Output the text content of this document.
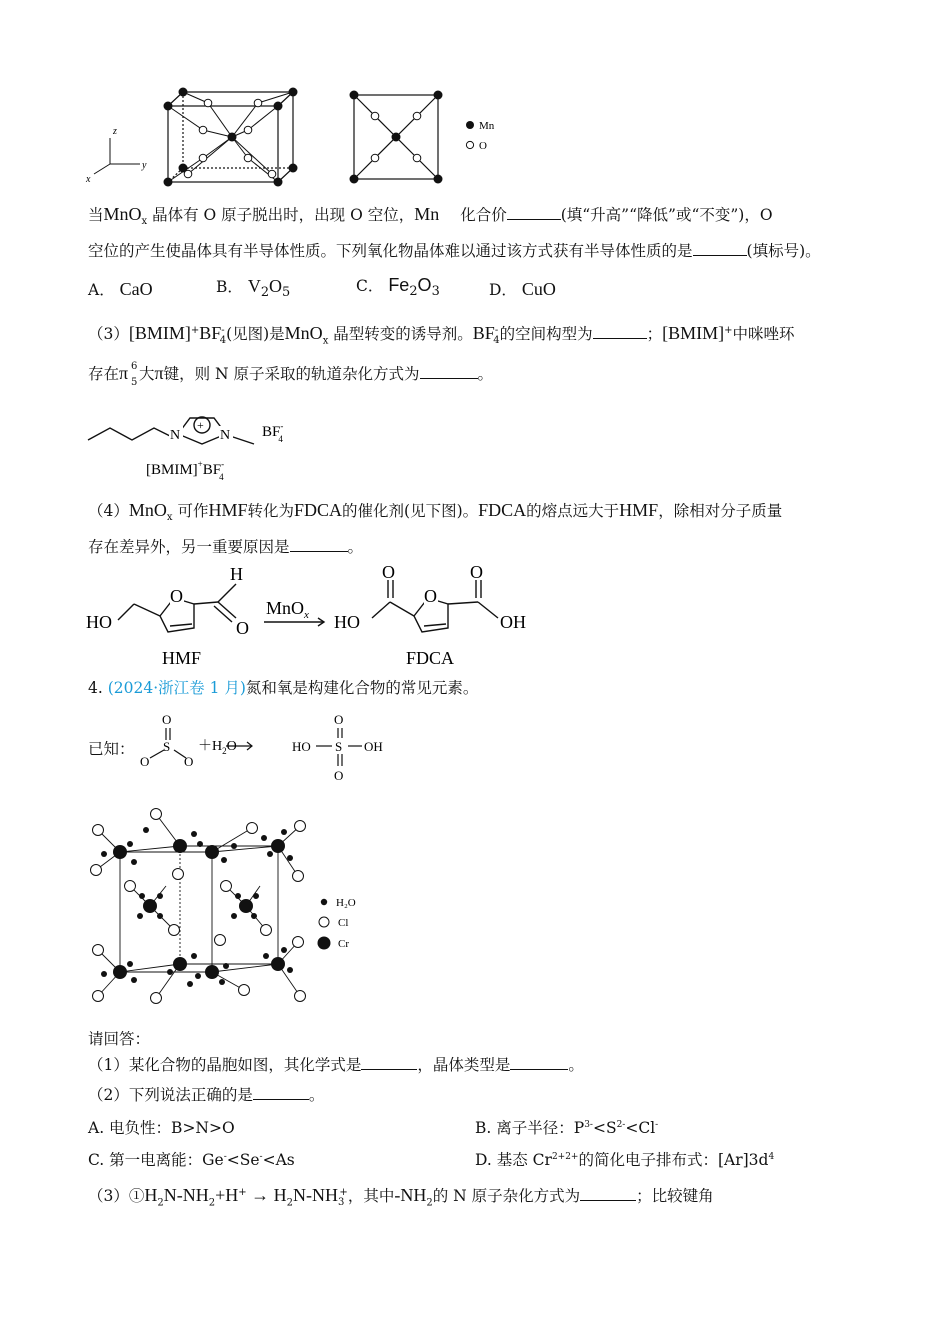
z
y
x
Mn
O
当MnO$_x$ 晶体有 O 原子脱出时，出现 O 空位，Mn 化合价	(填“升高”“降低”或“不变”)，O
空位的产生使晶体具有半导体性质。下列氧化物晶体难以通过该方式获有半导体性质的是	(填标号)。
A． CaO	B． $V_2O_5$	C． $Fe_2O_3$	D． CuO
$(3)[BMIM]^+BF^-_4$(见图)是MnO$_x$ 晶型转变的诱导剂。$BF^-_4$的空间构型为	；[BMIM]+中咪唑环
存在π 6
5 大π键，则 N 原子采取的轨道杂化方式为	。
N	N
+	BF-4
[BMIM]+BF-4
（4）MnO$_x$ 可作HMF转化为FDCA的催化剂(见下图)。FDCA的熔点远大于HMF，除相对分子质量
存在差异外，另一重要原因是	。
HO
O
H
O
MnO$_x$
O
O	O
HO	OH
HMF	FDCA
4. (2024·浙江卷 1 月)氮和氧是构建化合物的常见元素。
已知：
O
S
O	O
$+H_2O$
O
HO S OH
O
H₂O
Cl
Cr
请回答：
（1）某化合物的晶胞如图，其化学式是	，晶体类型是	。
（2）下列说法正确的是	。
A. 电负性：B>N>O	B. 离子半径：$P^{3-}<S^{2-}<Cl^-$
C. 第一电离能：Ge-<Se-<As	D. 基态 $Cr^{2+2+}$的简化电子排布式：$[Ar]3d^4$
$(3)①H_2N-NH_2+H^+ \to H_2N-NH_3^+$，其中$-NH_2$的 N 原子杂化方式为	；比较键角
